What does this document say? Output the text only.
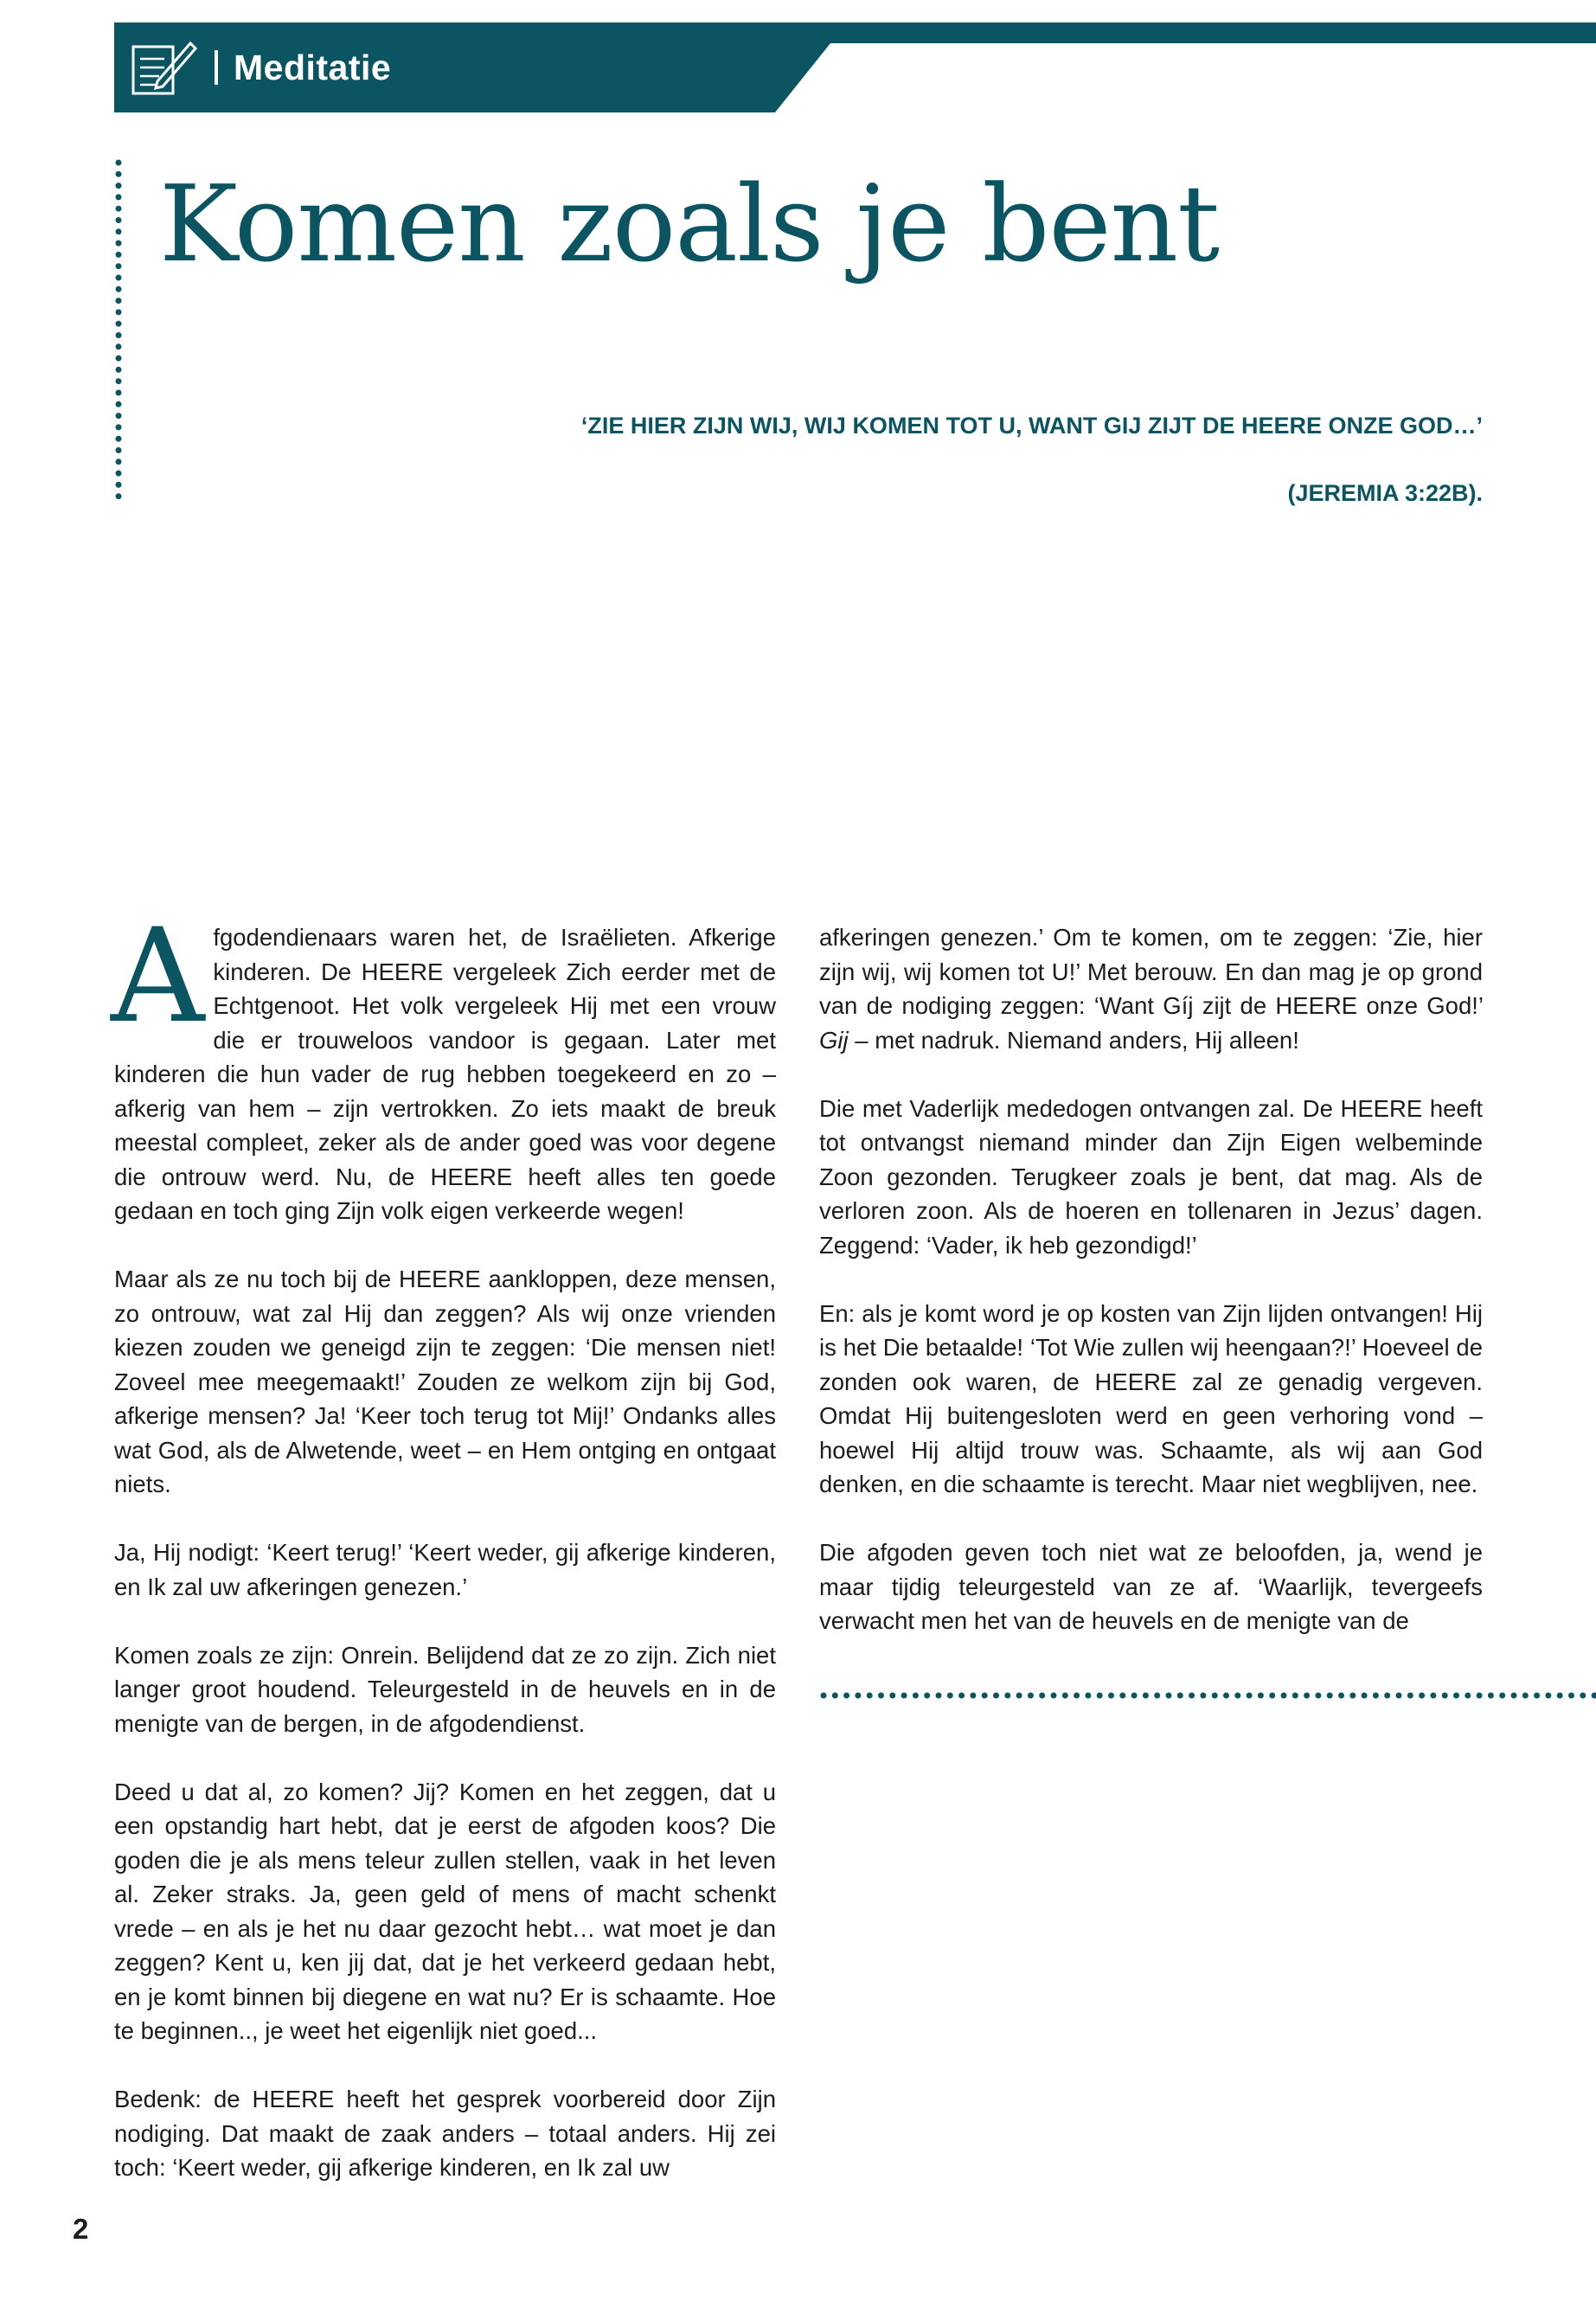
Meditatie
Komen zoals je bent
‘ZIE HIER ZIJN WIJ, WIJ KOMEN TOT U, WANT GIJ ZIJT DE HEERE ONZE GOD…’
(JEREMIA 3:22B).

Afgodendienaars waren het, de Israëlieten. Afkerige kinderen. De HEERE vergeleek Zich eerder met de Echtgenoot. Het volk vergeleek Hij met een vrouw die er trouweloos vandoor is gegaan. Later met kinderen die hun vader de rug hebben toegekeerd en zo – afkerig van hem – zijn vertrokken. Zo iets maakt de breuk meestal compleet, zeker als de ander goed was voor degene die ontrouw werd. Nu, de HEERE heeft alles ten goede gedaan en toch ging Zijn volk eigen verkeerde wegen!

Maar als ze nu toch bij de HEERE aankloppen, deze mensen, zo ontrouw, wat zal Hij dan zeggen? Als wij onze vrienden kiezen zouden we geneigd zijn te zeggen: ‘Die mensen niet! Zoveel mee meegemaakt!’ Zouden ze welkom zijn bij God, afkerige mensen? Ja! ‘Keer toch terug tot Mij!’ Ondanks alles wat God, als de Alwetende, weet – en Hem ontging en ontgaat niets.

Ja, Hij nodigt: ‘Keert terug!’ ‘Keert weder, gij afkerige kinderen, en Ik zal uw afkeringen genezen.’

Komen zoals ze zijn: Onrein. Belijdend dat ze zo zijn. Zich niet langer groot houdend. Teleurgesteld in de heuvels en in de menigte van de bergen, in de afgodendienst.

Deed u dat al, zo komen? Jij? Komen en het zeggen, dat u een opstandig hart hebt, dat je eerst de afgoden koos? Die goden die je als mens teleur zullen stellen, vaak in het leven al. Zeker straks. Ja, geen geld of mens of macht schenkt vrede – en als je het nu daar gezocht hebt… wat moet je dan zeggen? Kent u, ken jij dat, dat je het verkeerd gedaan hebt, en je komt binnen bij diegene en wat nu? Er is schaamte. Hoe te beginnen.., je weet het eigenlijk niet goed...

Bedenk: de HEERE heeft het gesprek voorbereid door Zijn nodiging. Dat maakt de zaak anders – totaal anders. Hij zei toch: ‘Keert weder, gij afkerige kinderen, en Ik zal uw

afkeringen genezen.’ Om te komen, om te zeggen: ‘Zie, hier zijn wij, wij komen tot U!’ Met berouw. En dan mag je op grond van de nodiging zeggen: ‘Want Gíj zijt de HEERE onze God!’

Gij – met nadruk. Niemand anders, Hij alleen!

Die met Vaderlijk mededogen ontvangen zal. De HEERE heeft tot ontvangst niemand minder dan Zijn Eigen welbeminde Zoon gezonden. Terugkeer zoals je bent, dat mag. Als de verloren zoon. Als de hoeren en tollenaren in Jezus’ dagen. Zeggend: ‘Vader, ik heb gezondigd!’

En: als je komt word je op kosten van Zijn lijden ontvangen! Hij is het Die betaalde! ‘Tot Wie zullen wij heengaan?!’ Hoeveel de zonden ook waren, de HEERE zal ze genadig vergeven. Omdat Hij buitengesloten werd en geen verhoring vond – hoewel Hij altijd trouw was. Schaamte, als wij aan God denken, en die schaamte is terecht. Maar niet wegblijven, nee.

Die afgoden geven toch niet wat ze beloofden, ja, wend je maar tijdig teleurgesteld van ze af. ‘Waarlijk, tevergeefs verwacht men het van de heuvels en de menigte van de

2
